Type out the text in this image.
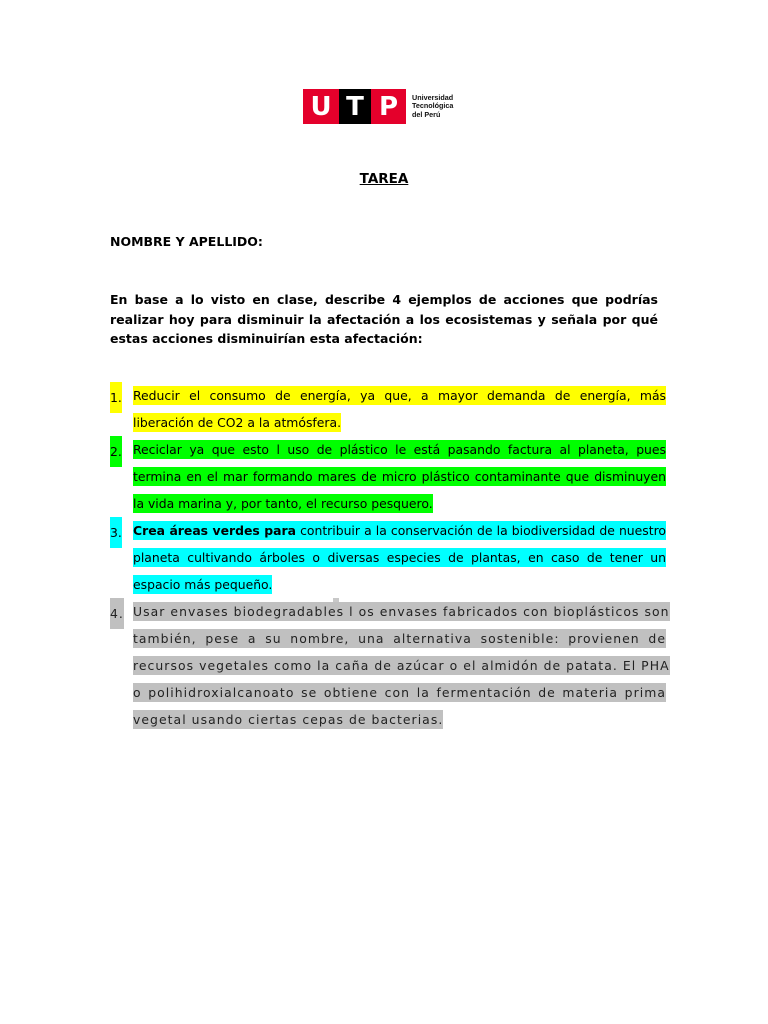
U T P	Universidad
Tecnológica
del Perú
TAREA
NOMBRE Y APELLIDO:
En base a lo visto en clase, describe 4 ejemplos de acciones que podrías realizar hoy para disminuir la afectación a los ecosistemas y señala por qué estas acciones disminuirían esta afectación:
1. Reducir el consumo de energía, ya que, a mayor demanda de energía, más
liberación de CO2 a la atmósfera.
2. Reciclar ya que esto l uso de plástico le está pasando factura al planeta, pues
termina en el mar formando mares de micro plástico contaminante que disminuyen
la vida marina y, por tanto, el recurso pesquero.
3. Crea áreas verdes para contribuir a la conservación de la biodiversidad de nuestro
planeta cultivando árboles o diversas especies de plantas, en caso de tener un
espacio más pequeño.
4. Usar envases biodegradables l os envases fabricados con bioplásticos son
también, pese a su nombre, una alternativa sostenible: provienen de
recursos vegetales como la caña de azúcar o el almidón de patata. El PHA
o polihidroxialcanoato se obtiene con la fermentación de materia prima
vegetal usando ciertas cepas de bacterias.
